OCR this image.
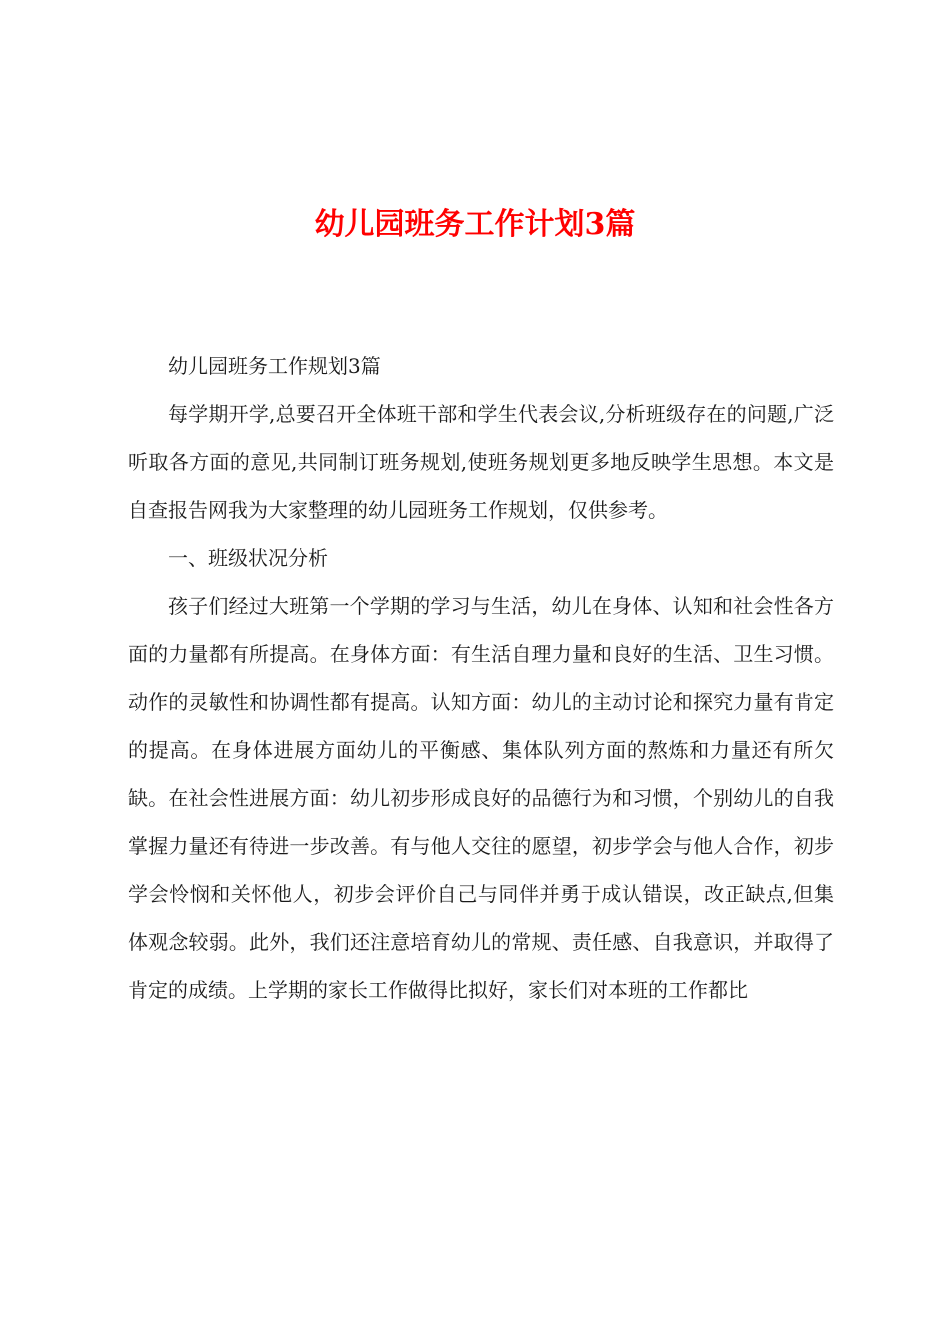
幼儿园班务工作计划3篇

幼儿园班务工作规划3篇

每学期开学,总要召开全体班干部和学生代表会议,分析班级存在的问题,广泛听取各方面的意见,共同制订班务规划,使班务规划更多地反映学生思想。本文是自查报告网我为大家整理的幼儿园班务工作规划，仅供参考。

一、班级状况分析

孩子们经过大班第一个学期的学习与生活，幼儿在身体、认知和社会性各方面的力量都有所提高。在身体方面：有生活自理力量和良好的生活、卫生习惯。动作的灵敏性和协调性都有提高。认知方面：幼儿的主动讨论和探究力量有肯定的提高。在身体进展方面幼儿的平衡感、集体队列方面的熬炼和力量还有所欠缺。在社会性进展方面：幼儿初步形成良好的品德行为和习惯，个别幼儿的自我掌握力量还有待进一步改善。有与他人交往的愿望，初步学会与他人合作，初步学会怜悯和关怀他人，初步会评价自己与同伴并勇于成认错误，改正缺点,但集体观念较弱。此外，我们还注意培育幼儿的常规、责任感、自我意识，并取得了肯定的成绩。上学期的家长工作做得比拟好，家长们对本班的工作都比
